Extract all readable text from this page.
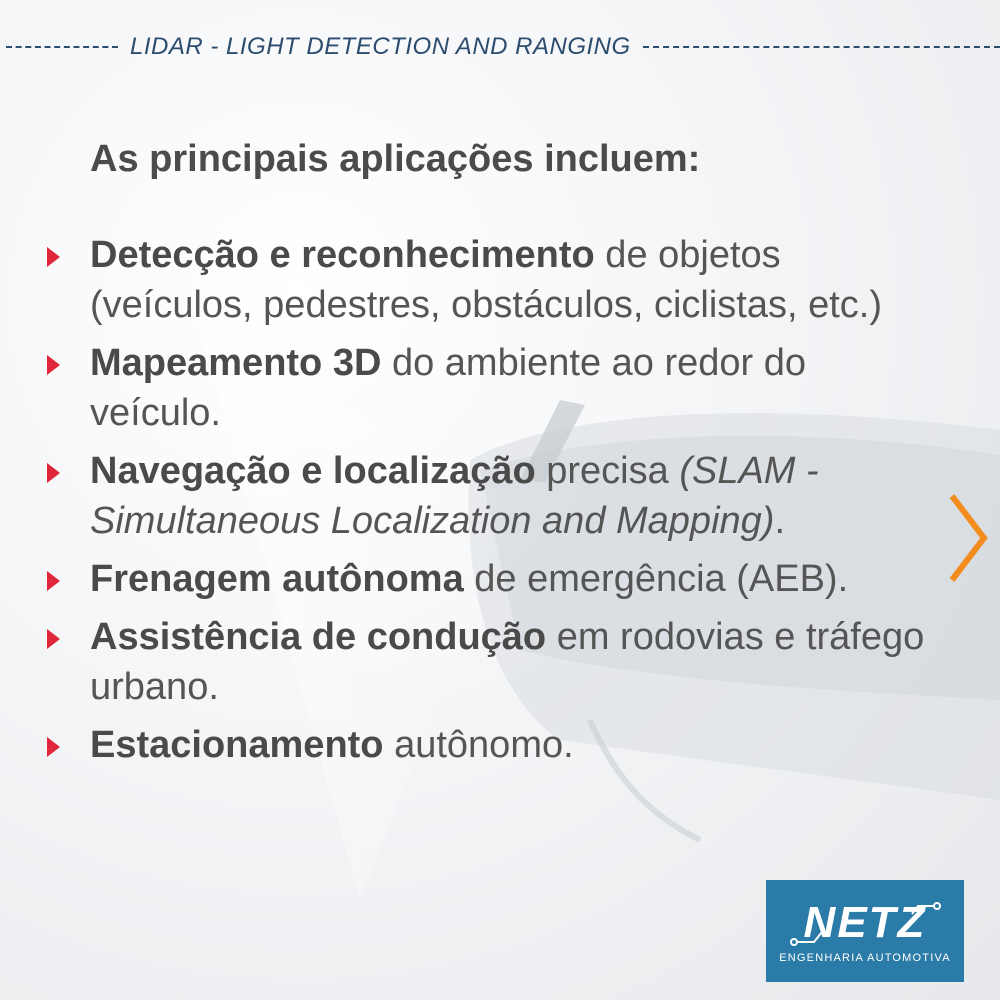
LIDAR - LIGHT DETECTION AND RANGING
As principais aplicações incluem:
Detecção e reconhecimento de objetos (veículos, pedestres, obstáculos, ciclistas, etc.)
Mapeamento 3D do ambiente ao redor do veículo.
Navegação e localização precisa (SLAM - Simultaneous Localization and Mapping).
Frenagem autônoma de emergência (AEB).
Assistência de condução em rodovias e tráfego urbano.
Estacionamento autônomo.
NETZ
ENGENHARIA AUTOMOTIVA
